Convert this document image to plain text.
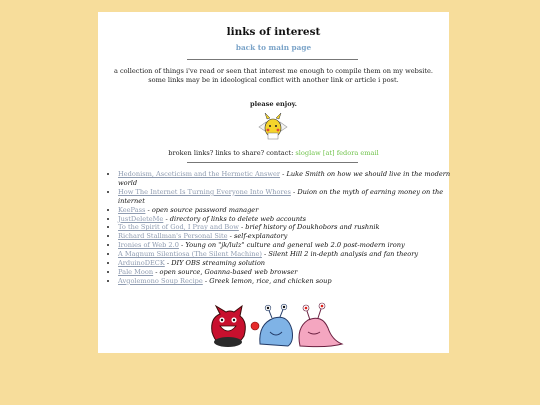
links of interest
back to main page
a collection of things i've read or seen that interest me enough to compile them on my website.
some links may be in ideological conflict with another link or article i post.
please enjoy.
broken links? links to share? contact: sloglaw [at] fedora email
• Hedonism, Asceticism and the Hermetic Answer - Luke Smith on how we should live in the modern world
• How The Internet Is Turning Everyone Into Whores - Duion on the myth of earning money on the internet
• KeePass - open source password manager
• JustDeleteMe - directory of links to delete web accounts
• To the Spirit of God, I Pray and Bow - brief history of Doukhobors and rushnik
• Richard Stallman's Personal Site - self-explanatory
• Ironies of Web 2.0 - Young on "jk/lulz" culture and general web 2.0 post-modern irony
• A Magnum Silentiosa (The Silent Machine) - Silent Hill 2 in-depth analysis and fan theory
• ArduinoDECK - DIY OBS streaming solution
• Pale Moon - open source, Goanna-based web browser
• Avgolemono Soup Recipe - Greek lemon, rice, and chicken soup
